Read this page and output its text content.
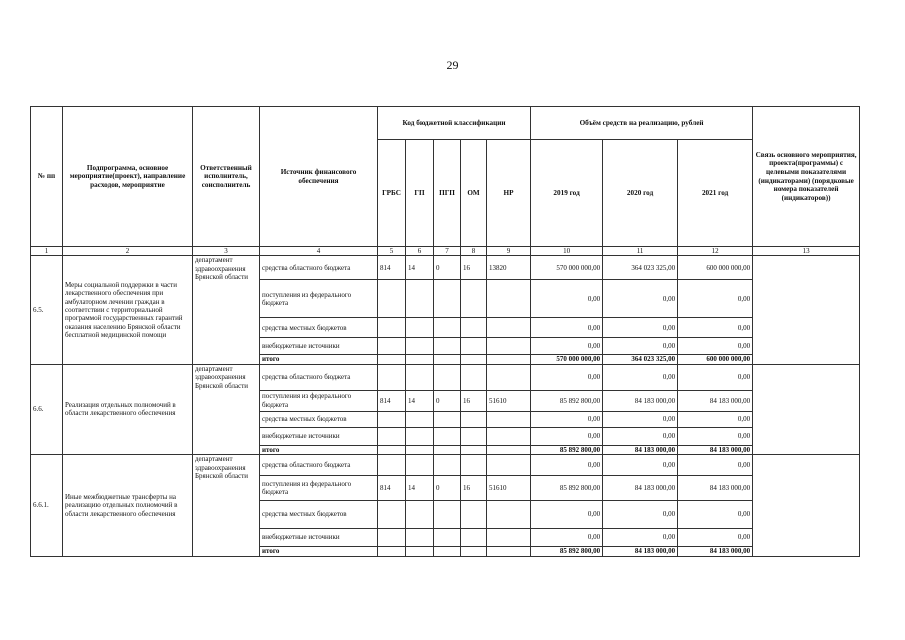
29
№ пп	Подпрограмма, основное мероприятие(проект), направление расходов, мероприятие	Ответственный исполнитель, соисполнитель	Источник финансового обеспечения	Код бюджетной классификации					Объём средств на реализацию, рублей			Связь основного мероприятия, проекта(программы) с целевыми показателями (индикаторами) (порядковые номера показателей (индикаторов))
				ГРБС	ГП	ПГП	ОМ	НР	2019 год	2020 год	2021 год	
1	2	3	4	5	6	7	8	9	10	11	12	13
6.5.	Меры социальной поддержки в части лекарственного обеспечения при амбулаторном лечении граждан в соответствии с территориальной программой государственных гарантий оказания населению Брянской области бесплатной медицинской помощи	департамент здравоохранения Брянской области	средства областного бюджета	814	14	0	16	13820	570 000 000,00	364 023 325,00	600 000 000,00	
			поступления из федерального бюджета						0,00	0,00	0,00	
			средства местных бюджетов						0,00	0,00	0,00	
			внебюджетные источники						0,00	0,00	0,00	
			итого						570 000 000,00	364 023 325,00	600 000 000,00	
6.6.	Реализация отдельных полномочий в области лекарственного обеспечения	департамент здравоохранения Брянской области	средства областного бюджета						0,00	0,00	0,00	
			поступления из федерального бюджета	814	14	0	16	51610	85 892 800,00	84 183 000,00	84 183 000,00	
			средства местных бюджетов						0,00	0,00	0,00	
			внебюджетные источники						0,00	0,00	0,00	
			итого						85 892 800,00	84 183 000,00	84 183 000,00	
6.6.1.	Иные межбюджетные трансферты на реализацию отдельных полномочий в области лекарственного обеспечения	департамент здравоохранения Брянской области	средства областного бюджета						0,00	0,00	0,00	
			поступления из федерального бюджета	814	14	0	16	51610	85 892 800,00	84 183 000,00	84 183 000,00	
			средства местных бюджетов						0,00	0,00	0,00	
			внебюджетные источники						0,00	0,00	0,00	
			итого						85 892 800,00	84 183 000,00	84 183 000,00	
